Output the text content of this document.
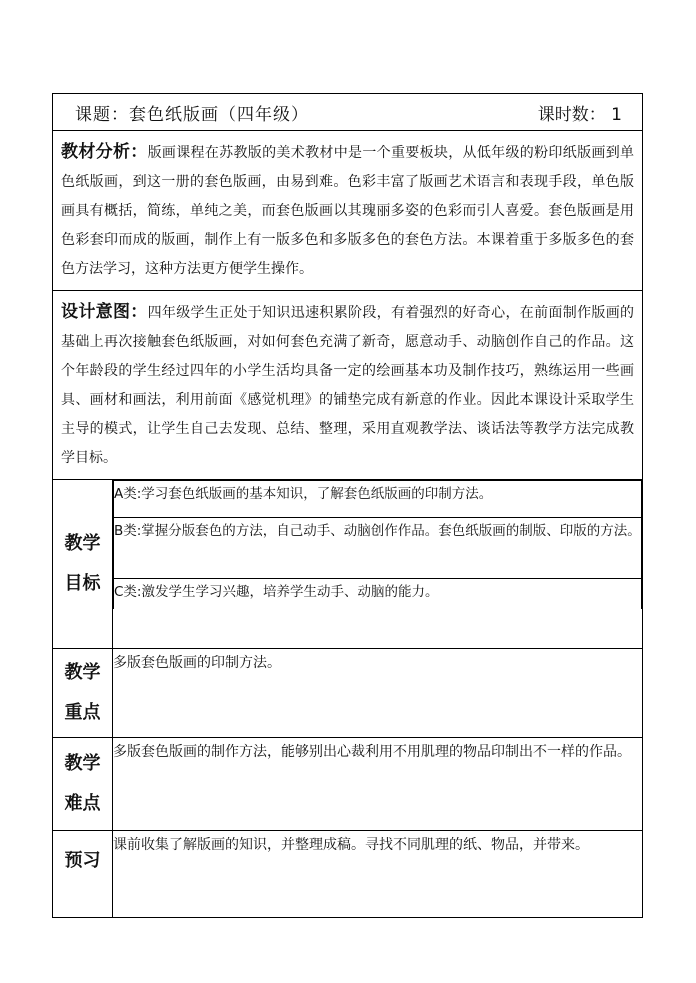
课题：套色纸版画（四年级）	课时数： 1

教材分析：版画课程在苏教版的美术教材中是一个重要板块，从低年级的粉印纸版画到单色纸版画，到这一册的套色版画，由易到难。色彩丰富了版画艺术语言和表现手段，单色版画具有概括，简练，单纯之美，而套色版画以其瑰丽多姿的色彩而引人喜爱。套色版画是用色彩套印而成的版画，制作上有一版多色和多版多色的套色方法。本课着重于多版多色的套色方法学习，这种方法更方便学生操作。

设计意图：四年级学生正处于知识迅速积累阶段，有着强烈的好奇心，在前面制作版画的基础上再次接触套色纸版画，对如何套色充满了新奇，愿意动手、动脑创作自己的作品。这个年龄段的学生经过四年的小学生活均具备一定的绘画基本功及制作技巧，熟练运用一些画具、画材和画法，利用前面《感觉机理》的铺垫完成有新意的作业。因此本课设计采取学生主导的模式，让学生自己去发现、总结、整理，采用直观教学法、谈话法等教学方法完成教学目标。

教学
目标

A类:学习套色纸版画的基本知识，了解套色纸版画的印制方法。
B类:掌握分版套色的方法，自己动手、动脑创作作品。套色纸版画的制版、印版的方法。
C类:激发学生学习兴趣，培养学生动手、动脑的能力。

教学
重点
	多版套色版画的印制方法。

教学
难点
	多版套色版画的制作方法，能够别出心裁利用不用肌理的物品印制出不一样的作品。

预习
	课前收集了解版画的知识，并整理成稿。寻找不同肌理的纸、物品，并带来。
